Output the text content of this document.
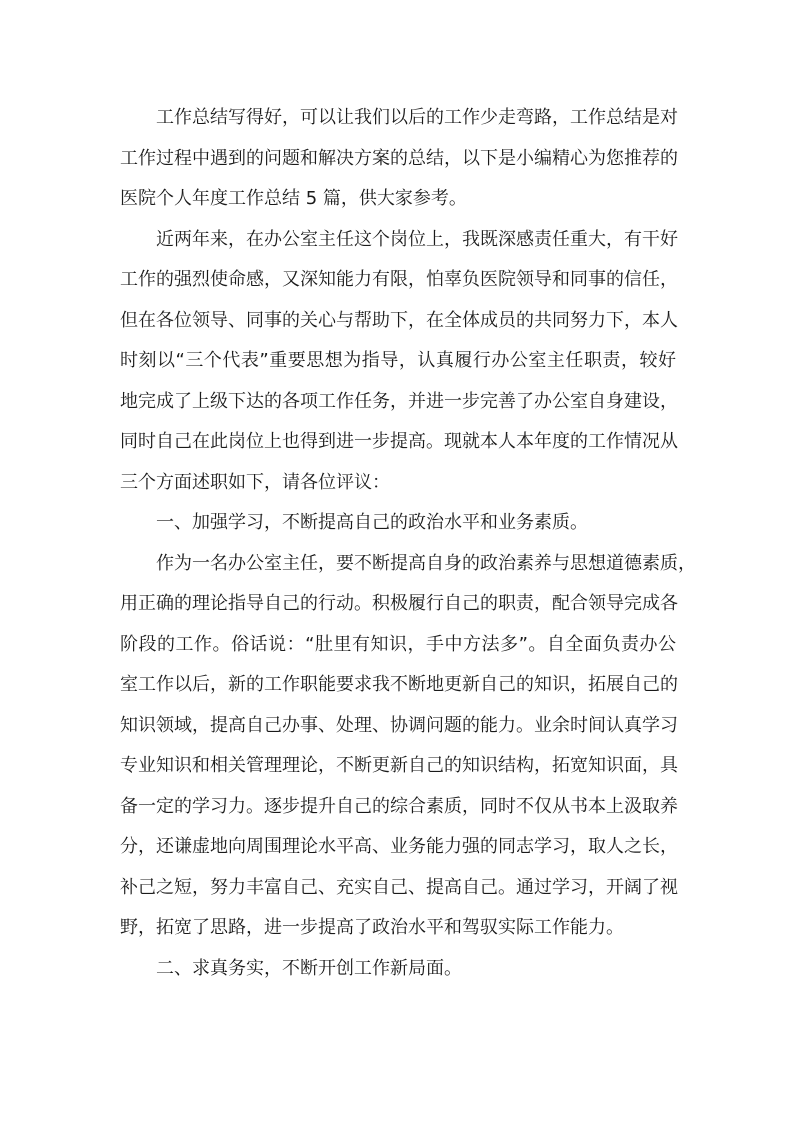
工作总结写得好，可以让我们以后的工作少走弯路，工作总结是对
工作过程中遇到的问题和解决方案的总结，以下是小编精心为您推荐的
医院个人年度工作总结 5 篇，供大家参考。
近两年来，在办公室主任这个岗位上，我既深感责任重大，有干好
工作的强烈使命感，又深知能力有限，怕辜负医院领导和同事的信任，
但在各位领导、同事的关心与帮助下，在全体成员的共同努力下，本人
时刻以“三个代表”重要思想为指导，认真履行办公室主任职责，较好
地完成了上级下达的各项工作任务，并进一步完善了办公室自身建设，
同时自己在此岗位上也得到进一步提高。现就本人本年度的工作情况从
三个方面述职如下，请各位评议：
一、加强学习，不断提高自己的政治水平和业务素质。
作为一名办公室主任，要不断提高自身的政治素养与思想道德素质，
用正确的理论指导自己的行动。积极履行自己的职责，配合领导完成各
阶段的工作。俗话说：“肚里有知识，手中方法多”。自全面负责办公
室工作以后，新的工作职能要求我不断地更新自己的知识，拓展自己的
知识领域，提高自己办事、处理、协调问题的能力。业余时间认真学习
专业知识和相关管理理论，不断更新自己的知识结构，拓宽知识面，具
备一定的学习力。逐步提升自己的综合素质，同时不仅从书本上汲取养
分，还谦虚地向周围理论水平高、业务能力强的同志学习，取人之长，
补己之短，努力丰富自己、充实自己、提高自己。通过学习，开阔了视
野，拓宽了思路，进一步提高了政治水平和驾驭实际工作能力。
二、求真务实，不断开创工作新局面。
